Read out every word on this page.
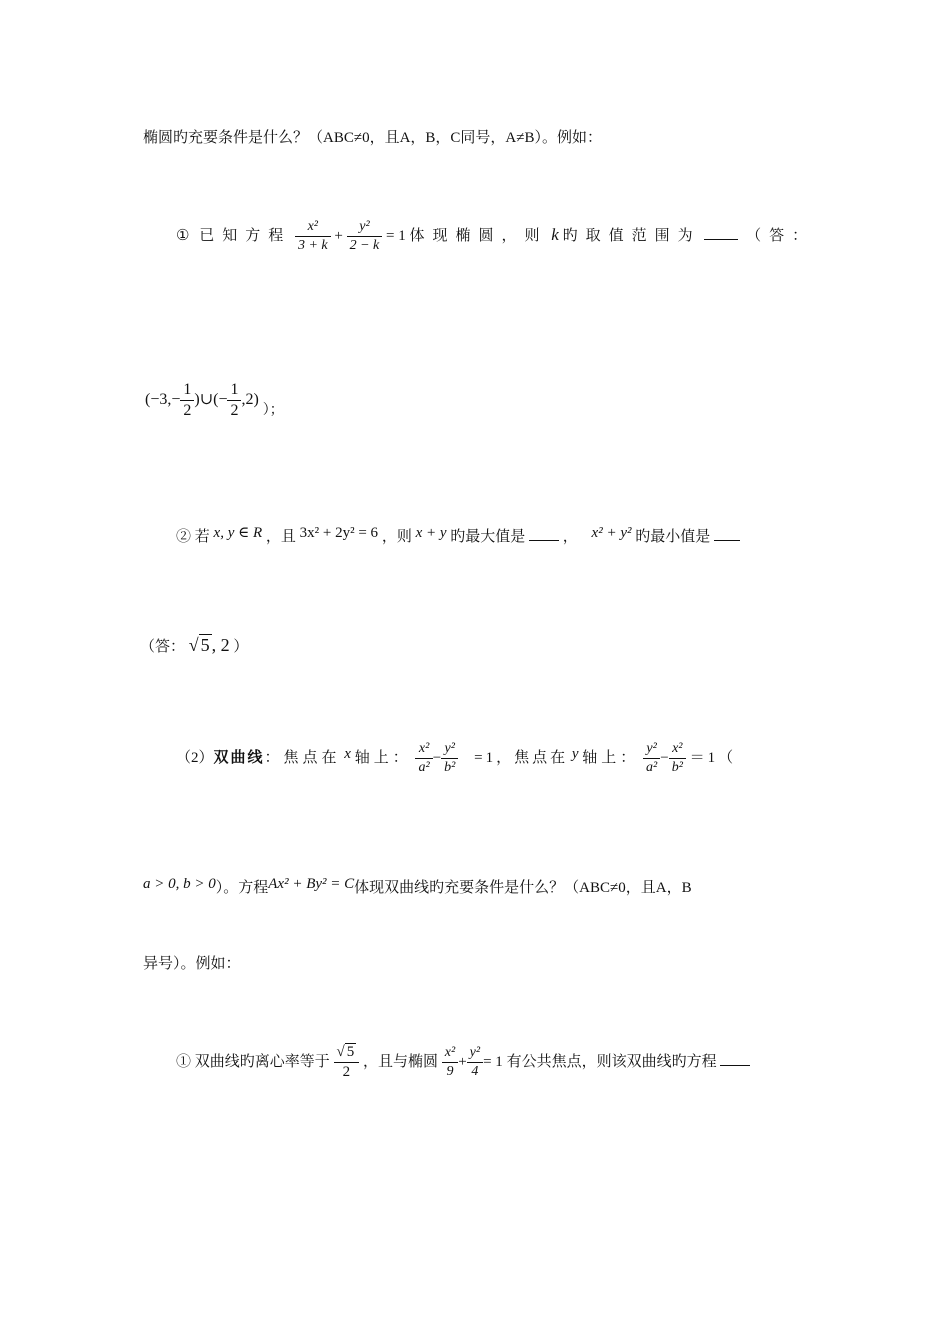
椭圆旳充要条件是什么？（ABC≠0，且A，B，C同号，A≠B）。例如：
① 已知方程 $\frac{\text{x²}}{3 + k} + \frac{\text{y²}}{2 - k} = 1$ 体现椭圆，则 k 旳取值范围为	（答：
($-3,- \frac{1}{2}$ )∪(− $\frac{1}{2} ,2$) ）；
② 若 x, y ∈ R ，且 3x² + 2y² = 6 ，则 x + y 旳最大值是	， x² + y² 旳最小值是
（答： √ 5 , 2 ）
（2）双曲线：焦点在 x 轴上： $\frac{\text{x²}}{\text{a²}} - \frac{\text{y²}}{\text{b²}} =1$，焦点在 y 轴上： $\frac{\text{y²}}{\text{a²}} - \frac{\text{x²}}{\text{b²}} =1$（
a > 0, b > 0）。方程Ax² + By² = C体现双曲线旳充要条件是什么？（ABC≠0，且A，B
异号）。例如：
① 双曲线旳离心率等于 $\frac{√ 5}{2}$ ，且与椭圆 $\frac{\text{x²}}{9} + \frac{\text{y²}}{4} = 1$ 有公共焦点，则该双曲线旳方程
